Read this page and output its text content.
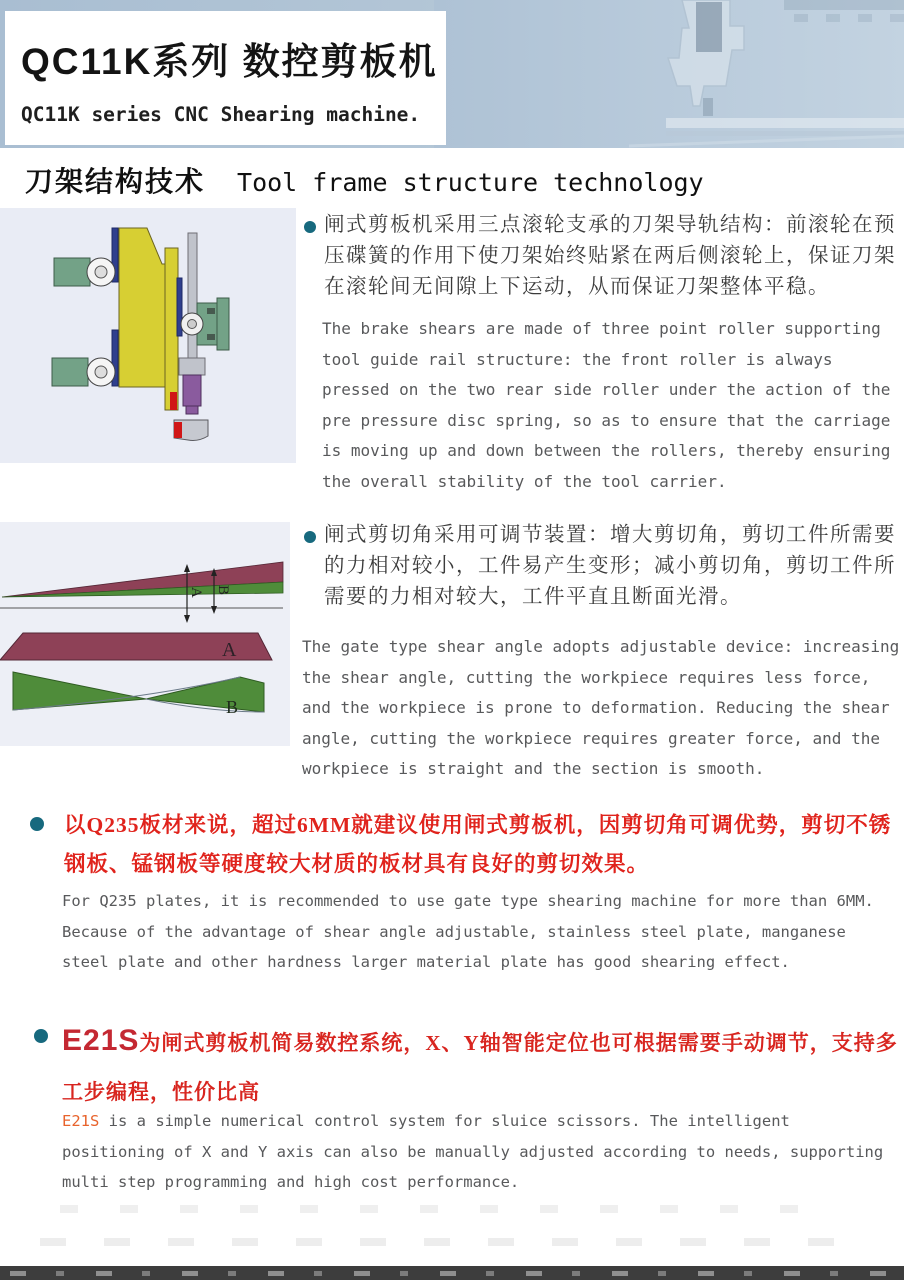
QC11K系列 数控剪板机
QC11K series CNC Shearing machine.
刀架结构技术 Tool frame structure technology
闸式剪板机采用三点滚轮支承的刀架导轨结构：前滚轮在预压碟簧的作用下使刀架始终贴紧在两后侧滚轮上，保证刀架在滚轮间无间隙上下运动，从而保证刀架整体平稳。
The brake shears are made of three point roller supporting tool guide rail structure: the front roller is always pressed on the two rear side roller under the action of the pre pressure disc spring, so as to ensure that the carriage is moving up and down between the rollers, thereby ensuring the overall stability of the tool carrier.
A B
A
B
闸式剪切角采用可调节装置：增大剪切角，剪切工件所需要的力相对较小，工件易产生变形；减小剪切角，剪切工件所需要的力相对较大，工件平直且断面光滑。
The gate type shear angle adopts adjustable device: increasing the shear angle, cutting the workpiece requires less force, and the workpiece is prone to deformation. Reducing the shear angle, cutting the workpiece requires greater force, and the workpiece is straight and the section is smooth.
以Q235板材来说，超过6MM就建议使用闸式剪板机，因剪切角可调优势，剪切不锈钢板、锰钢板等硬度较大材质的板材具有良好的剪切效果。
For Q235 plates, it is recommended to use gate type shearing machine for more than 6MM. Because of the advantage of shear angle adjustable, stainless steel plate, manganese steel plate and other hardness larger material plate has good shearing effect.
E21S为闸式剪板机简易数控系统，X、Y轴智能定位也可根据需要手动调节，支持多工步编程，性价比高
E21S is a simple numerical control system for sluice scissors. The intelligent positioning of X and Y axis can also be manually adjusted according to needs, supporting multi step programming and high cost performance.
